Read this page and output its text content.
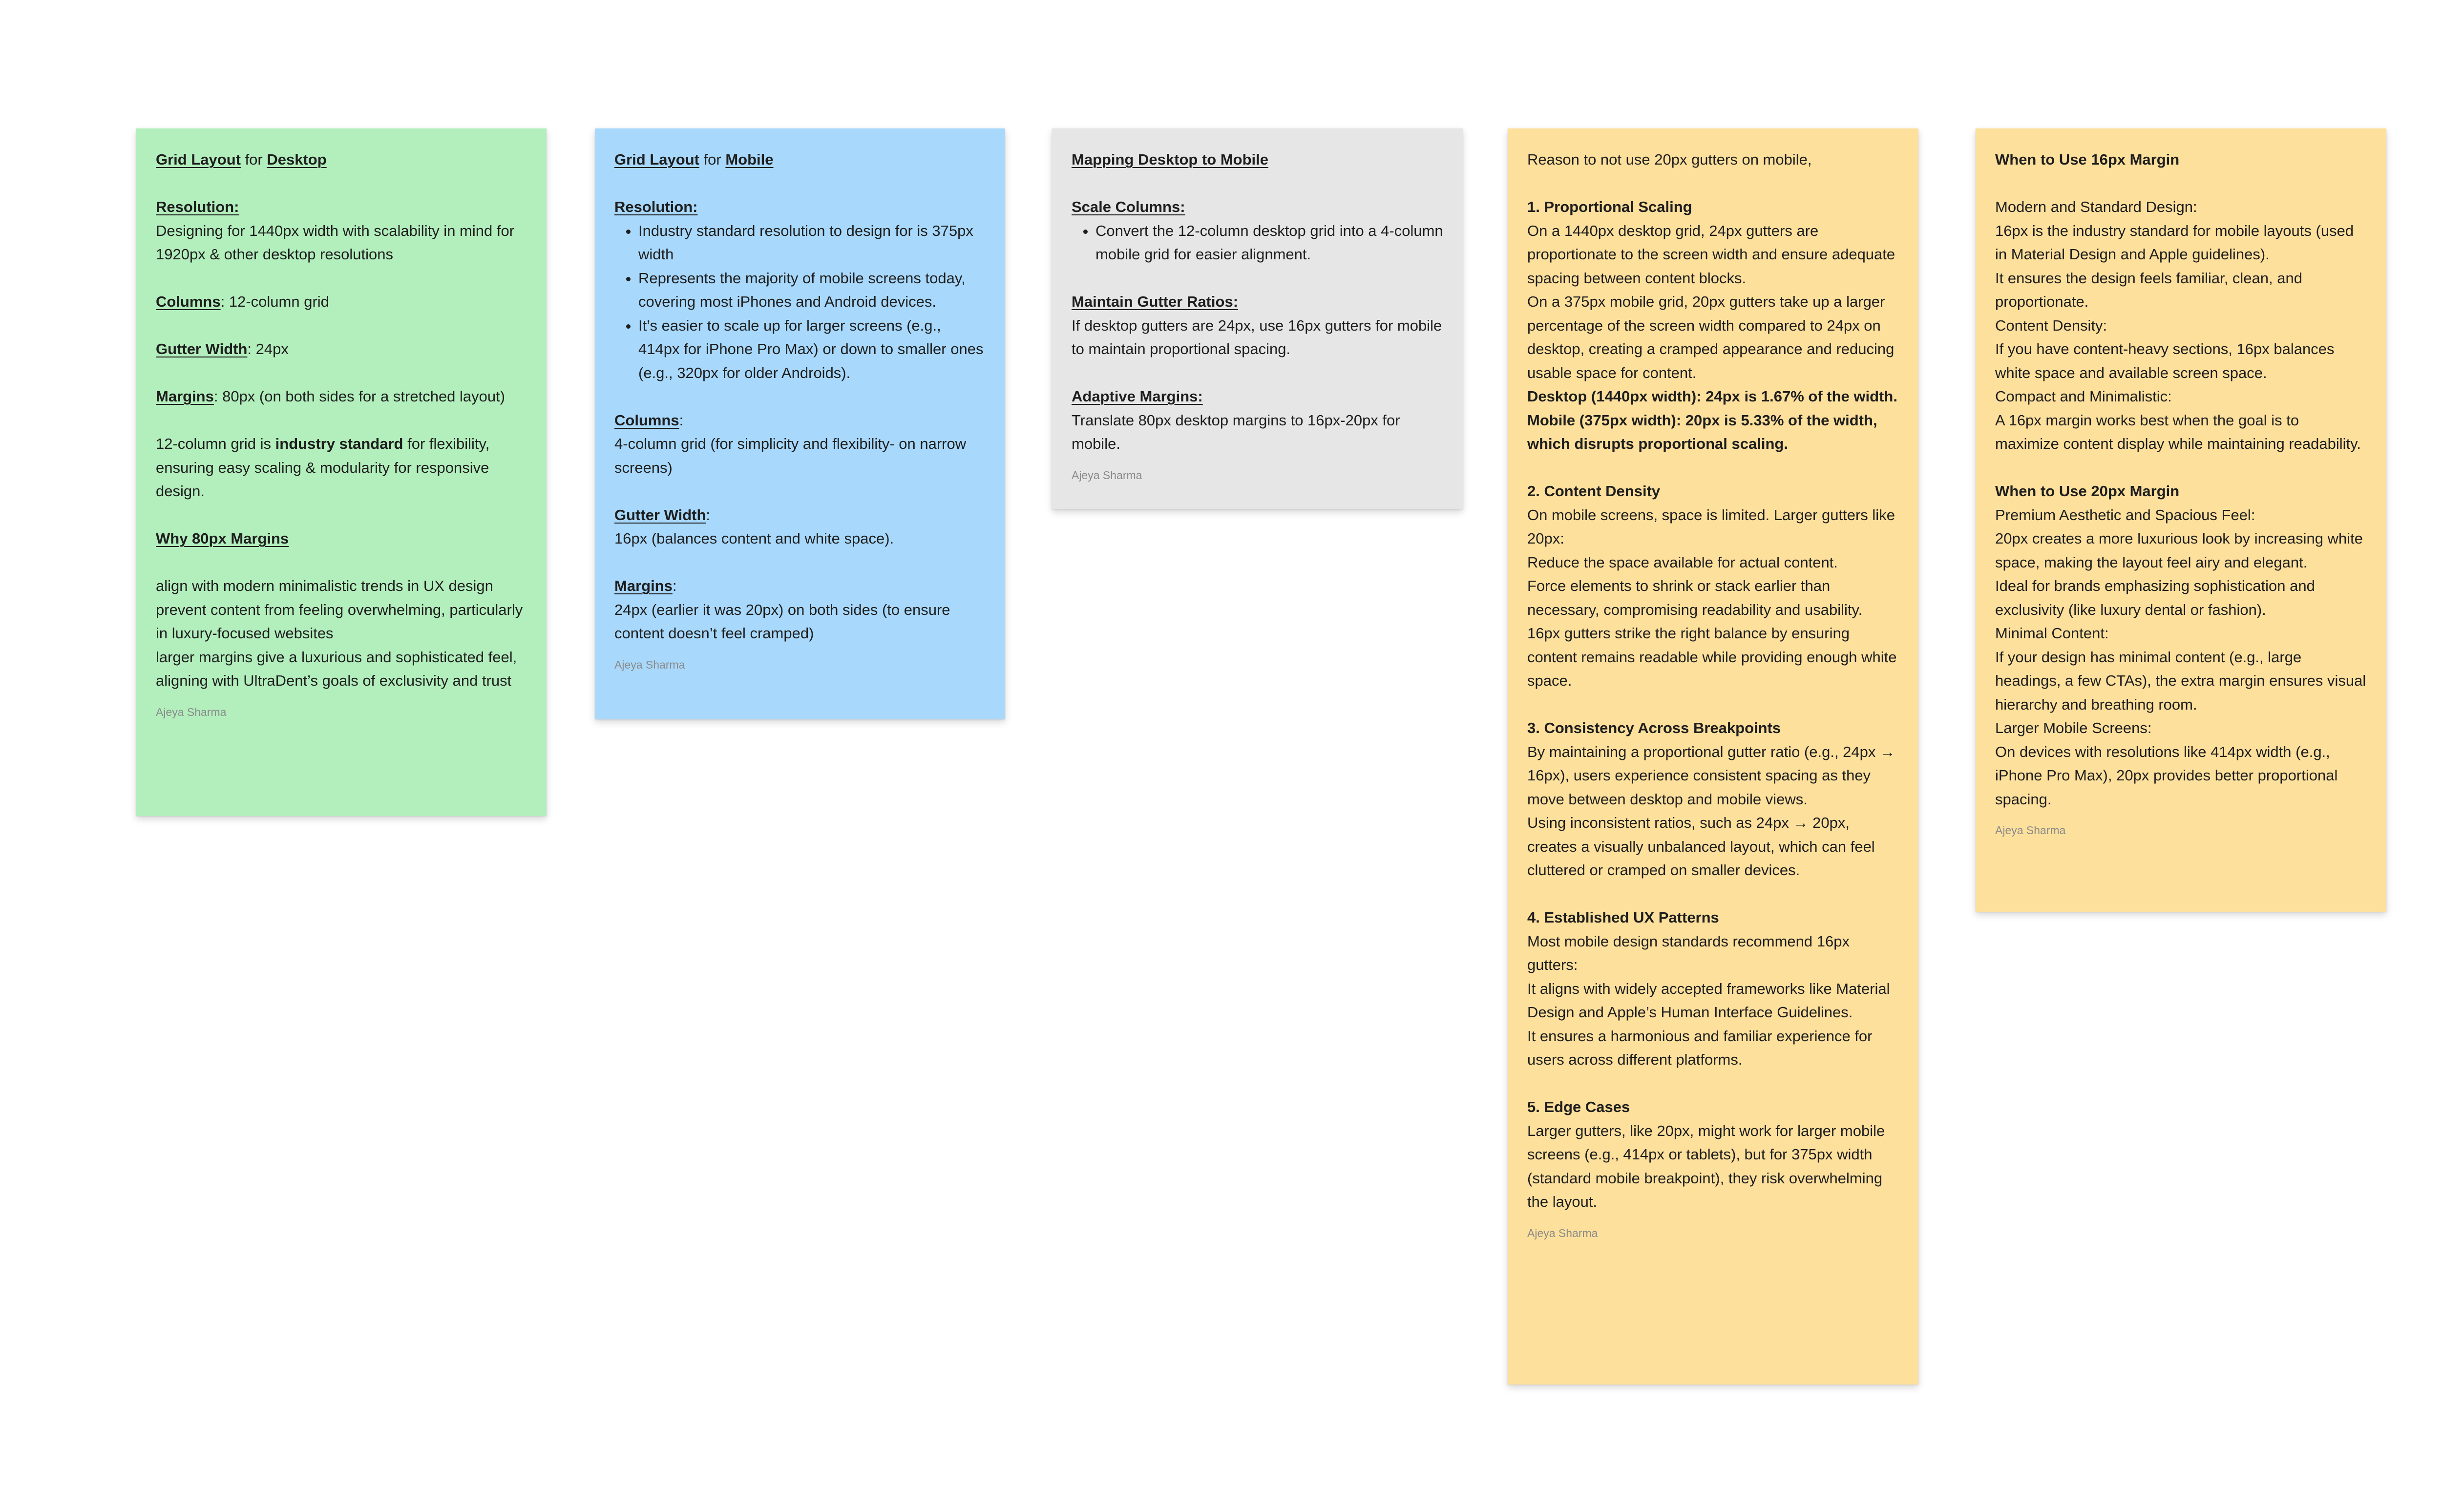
Grid Layout for Desktop

Resolution:

Designing for 1440px width with scalability in mind for 1920px & other desktop resolutions

Columns: 12-column grid

Gutter Width: 24px

Margins: 80px (on both sides for a stretched layout)

12-column grid is industry standard for flexibility, ensuring easy scaling & modularity for responsive design.

Why 80px Margins

align with modern minimalistic trends in UX design

prevent content from feeling overwhelming, particularly in luxury-focused websites

larger margins give a luxurious and sophisticated feel, aligning with UltraDent’s goals of exclusivity and trust

Ajeya Sharma

Grid Layout for Mobile

Resolution:

• Industry standard resolution to design for is 375px width
• Represents the majority of mobile screens today, covering most iPhones and Android devices.
• It’s easier to scale up for larger screens (e.g., 414px for iPhone Pro Max) or down to smaller ones (e.g., 320px for older Androids).

Columns:

4-column grid (for simplicity and flexibility- on narrow screens)

Gutter Width:

16px (balances content and white space).

Margins:

24px (earlier it was 20px) on both sides (to ensure content doesn’t feel cramped)

Ajeya Sharma

Mapping Desktop to Mobile

Scale Columns:

• Convert the 12-column desktop grid into a 4-column mobile grid for easier alignment.

Maintain Gutter Ratios:

If desktop gutters are 24px, use 16px gutters for mobile to maintain proportional spacing.

Adaptive Margins:

Translate 80px desktop margins to 16px-20px for mobile.

Ajeya Sharma

Reason to not use 20px gutters on mobile,

1. Proportional Scaling

On a 1440px desktop grid, 24px gutters are proportionate to the screen width and ensure adequate spacing between content blocks.

On a 375px mobile grid, 20px gutters take up a larger percentage of the screen width compared to 24px on desktop, creating a cramped appearance and reducing usable space for content.

Desktop (1440px width): 24px is 1.67% of the width.

Mobile (375px width): 20px is 5.33% of the width, which disrupts proportional scaling.

2. Content Density

On mobile screens, space is limited. Larger gutters like 20px:

Reduce the space available for actual content.

Force elements to shrink or stack earlier than necessary, compromising readability and usability.

16px gutters strike the right balance by ensuring content remains readable while providing enough white space.

3. Consistency Across Breakpoints

By maintaining a proportional gutter ratio (e.g., 24px → 16px), users experience consistent spacing as they move between desktop and mobile views.

Using inconsistent ratios, such as 24px → 20px, creates a visually unbalanced layout, which can feel cluttered or cramped on smaller devices.

4. Established UX Patterns

Most mobile design standards recommend 16px gutters:

It aligns with widely accepted frameworks like Material Design and Apple’s Human Interface Guidelines.

It ensures a harmonious and familiar experience for users across different platforms.

5. Edge Cases

Larger gutters, like 20px, might work for larger mobile screens (e.g., 414px or tablets), but for 375px width (standard mobile breakpoint), they risk overwhelming the layout.

Ajeya Sharma

When to Use 16px Margin

Modern and Standard Design:

16px is the industry standard for mobile layouts (used in Material Design and Apple guidelines).

It ensures the design feels familiar, clean, and proportionate.

Content Density:

If you have content-heavy sections, 16px balances white space and available screen space.

Compact and Minimalistic:

A 16px margin works best when the goal is to maximize content display while maintaining readability.

When to Use 20px Margin

Premium Aesthetic and Spacious Feel:

20px creates a more luxurious look by increasing white space, making the layout feel airy and elegant.

Ideal for brands emphasizing sophistication and exclusivity (like luxury dental or fashion).

Minimal Content:

If your design has minimal content (e.g., large headings, a few CTAs), the extra margin ensures visual hierarchy and breathing room.

Larger Mobile Screens:

On devices with resolutions like 414px width (e.g., iPhone Pro Max), 20px provides better proportional spacing.

Ajeya Sharma
